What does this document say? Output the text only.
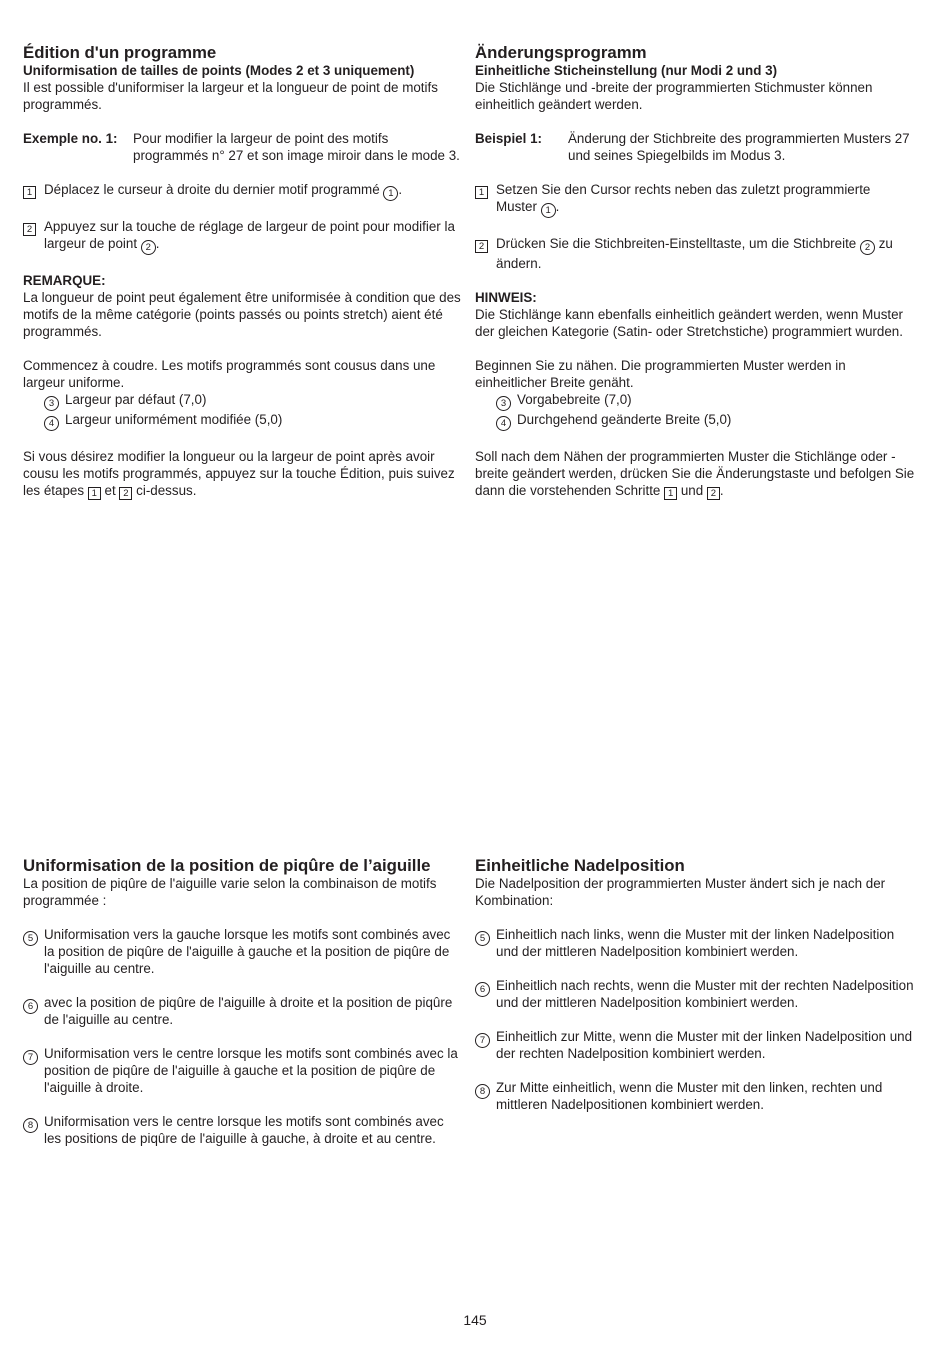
Édition d'un programme

Uniformisation de tailles de points (Modes 2 et 3 uniquement)

Il est possible d'uniformiser la largeur et la longueur de point de motifs programmés.

Exemple no. 1:	Pour modifier la largeur de point des motifs programmés n° 27 et son image miroir dans le mode 3.
1 Déplacez le curseur à droite du dernier motif programmé 1 .
2 Appuyez sur la touche de réglage de largeur de point pour modifier la largeur de point 2 .

REMARQUE:

La longueur de point peut également être uniformisée à condition que des motifs de la même catégorie (points passés ou points stretch) aient été programmés.

Commencez à coudre. Les motifs programmés sont cousus dans une largeur uniforme.

3 Largeur par défaut (7,0)
4 Largeur uniformément modifiée (5,0)

Si vous désirez modifier la longueur ou la largeur de point après avoir cousu les motifs programmés, appuyez sur la touche Édition, puis suivez les étapes 1 et 2 ci-dessus.

Änderungsprogramm

Einheitliche Sticheinstellung (nur Modi 2 und 3)

Die Stichlänge und -breite der programmierten Stichmuster können einheitlich geändert werden.

Beispiel 1:	Änderung der Stichbreite des programmierten Musters 27 und seines Spiegelbilds im Modus 3.
1 Setzen Sie den Cursor rechts neben das zuletzt programmierte Muster 1 .
2 Drücken Sie die Stichbreiten-Einstelltaste, um die Stichbreite 2 zu ändern.

HINWEIS:

Die Stichlänge kann ebenfalls einheitlich geändert werden, wenn Muster der gleichen Kategorie (Satin- oder Stretchstiche) programmiert wurden.

Beginnen Sie zu nähen. Die programmierten Muster werden in einheitlicher Breite genäht.

3 Vorgabebreite (7,0)
4 Durchgehend geänderte Breite (5,0)

Soll nach dem Nähen der programmierten Muster die Stichlänge oder -breite geändert werden, drücken Sie die Änderungstaste und befolgen Sie dann die vorstehenden Schritte 1 und 2 .

Uniformisation de la position de piqûre de l’aiguille

La position de piqûre de l'aiguille varie selon la combinaison de motifs programmée :

5 Uniformisation vers la gauche lorsque les motifs sont combinés avec la position de piqûre de l'aiguille à gauche et la position de piqûre de l'aiguille au centre.
6 avec la position de piqûre de l'aiguille à droite et la position de piqûre de l'aiguille au centre.
7 Uniformisation vers le centre lorsque les motifs sont combinés avec la position de piqûre de l'aiguille à gauche et la position de piqûre de l'aiguille à droite.
8 Uniformisation vers le centre lorsque les motifs sont combinés avec les positions de piqûre de l'aiguille à gauche, à droite et au centre.
Einheitliche Nadelposition

Die Nadelposition der programmierten Muster ändert sich je nach der Kombination:

5 Einheitlich nach links, wenn die Muster mit der linken Nadelposition und der mittleren Nadelposition kombiniert werden.
6 Einheitlich nach rechts, wenn die Muster mit der rechten Nadelposition und der mittleren Nadelposition kombiniert werden.
7 Einheitlich zur Mitte, wenn die Muster mit der linken Nadelposition und der rechten Nadelposition kombiniert werden.
8 Zur Mitte einheitlich, wenn die Muster mit den linken, rechten und mittleren Nadelpositionen kombiniert werden.
145
